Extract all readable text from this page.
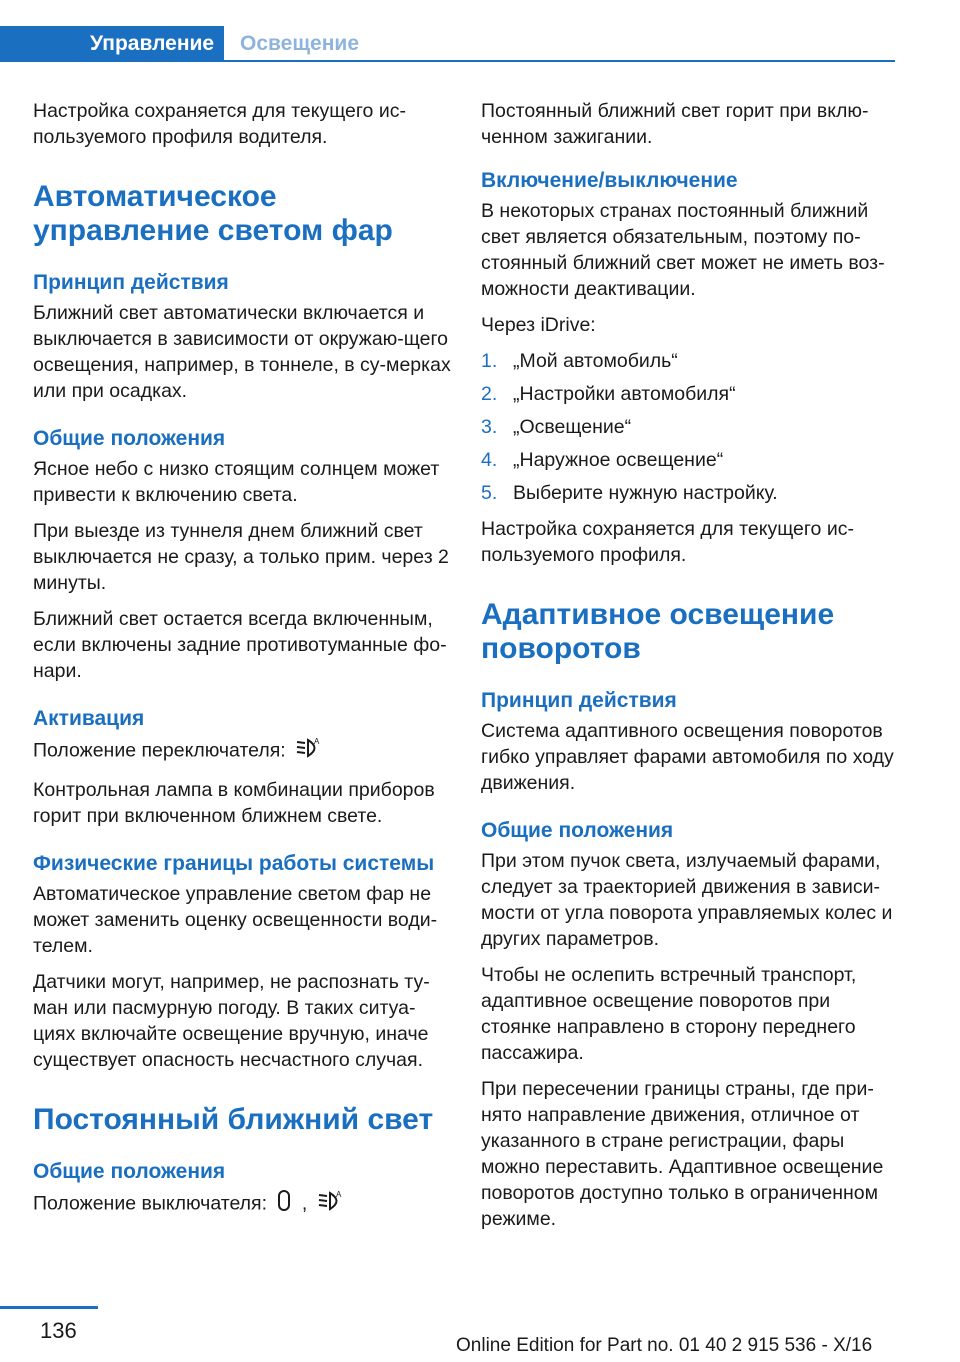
Управление	Освещение

Настройка сохраняется для текущего ис-пользуемого профиля водителя.

Автоматическое управление светом фар
Принцип действия

Ближний свет автоматически включается и выключается в зависимости от окружаю-щего освещения, например, в тоннеле, в су-мерках или при осадках.

Общие положения

Ясное небо с низко стоящим солнцем может привести к включению света.

При выезде из туннеля днем ближний свет выключается не сразу, а только прим. через 2 минуты.

Ближний свет остается всегда включенным, если включены задние противотуманные фо-нари.

Активация

Положение переключателя:	A

Контрольная лампа в комбинации приборов горит при включенном ближнем свете.

Физические границы работы системы

Автоматическое управление светом фар не может заменить оценку освещенности води-телем.

Датчики могут, например, не распознать ту-ман или пасмурную погоду. В таких ситуа-циях включайте освещение вручную, иначе существует опасность несчастного случая.

Постоянный ближний свет
Общие положения

Положение выключателя: ,	A

Постоянный ближний свет горит при вклю-ченном зажигании.

Включение/выключение

В некоторых странах постоянный ближний свет является обязательным, поэтому по-стоянный ближний свет может не иметь воз-можности деактивации.

Через iDrive:

1. „Мой автомобиль“
2. „Настройки автомобиля“
3. „Освещение“
4. „Наружное освещение“
5. Выберите нужную настройку.

Настройка сохраняется для текущего ис-пользуемого профиля.

Адаптивное освещение поворотов
Принцип действия

Система адаптивного освещения поворотов гибко управляет фарами автомобиля по ходу движения.

Общие положения

При этом пучок света, излучаемый фарами, следует за траекторией движения в зависи-мости от угла поворота управляемых колес и других параметров.

Чтобы не ослепить встречный транспорт, адаптивное освещение поворотов при стоянке направлено в сторону переднего пассажира.

При пересечении границы страны, где при-нято направление движения, отличное от указанного в стране регистрации, фары можно переставить. Адаптивное освещение поворотов доступно только в ограниченном режиме.

136
Online Edition for Part no. 01 40 2 915 536 - X/16
